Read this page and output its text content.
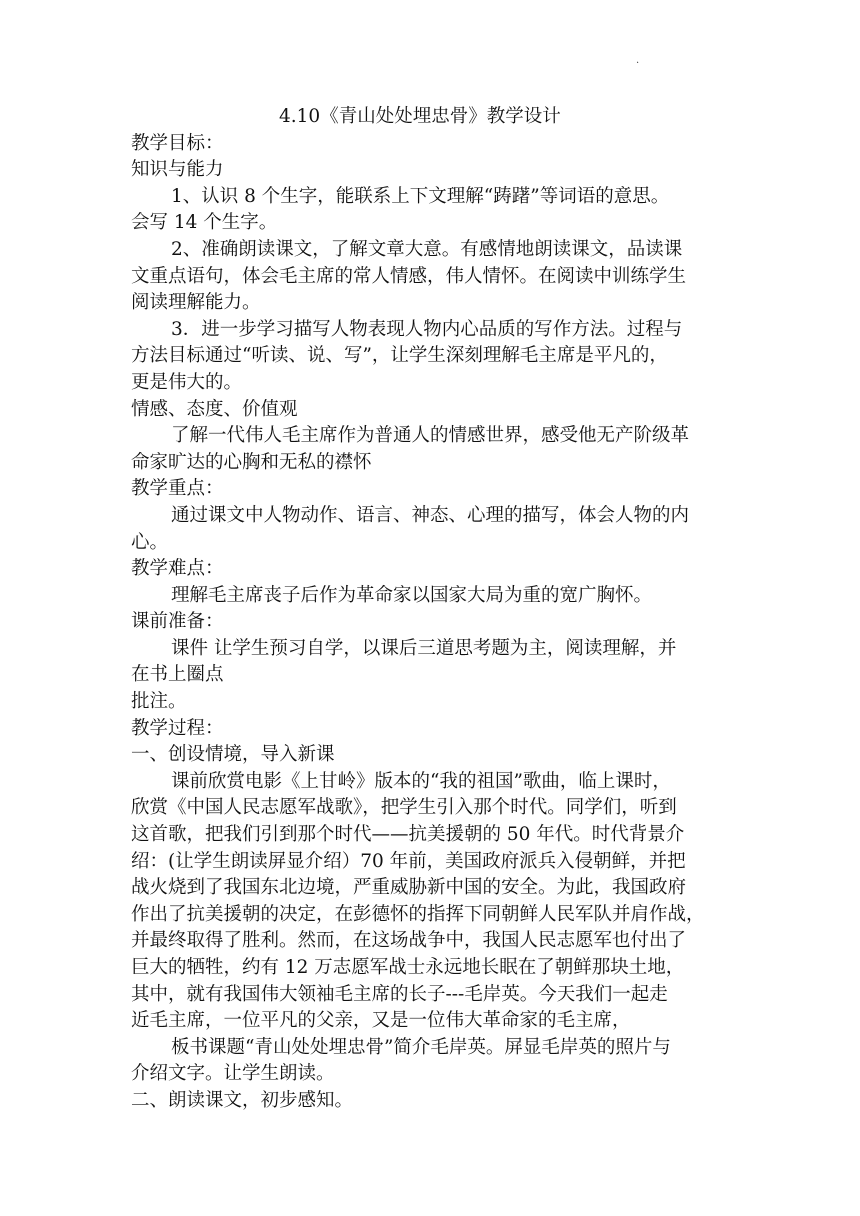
.
4.10《青山处处埋忠骨》教学设计
教学目标：
知识与能力
1、认识 8 个生字，能联系上下文理解“踌躇”等词语的意思。
会写 14 个生字。
2、准确朗读课文，了解文章大意。有感情地朗读课文，品读课
文重点语句，体会毛主席的常人情感，伟人情怀。在阅读中训练学生
阅读理解能力。
3．进一步学习描写人物表现人物内心品质的写作方法。过程与
方法目标通过“听读、说、写”，让学生深刻理解毛主席是平凡的，
更是伟大的。
情感、态度、价值观
了解一代伟人毛主席作为普通人的情感世界，感受他无产阶级革
命家旷达的心胸和无私的襟怀
教学重点：
通过课文中人物动作、语言、神态、心理的描写，体会人物的内
心。
教学难点：
理解毛主席丧子后作为革命家以国家大局为重的宽广胸怀。
课前准备：
课件 让学生预习自学，以课后三道思考题为主，阅读理解，并
在书上圈点
批注。
教学过程：
一、创设情境，导入新课
课前欣赏电影《上甘岭》版本的“我的祖国”歌曲，临上课时，
欣赏《中国人民志愿军战歌》，把学生引入那个时代。同学们，听到
这首歌，把我们引到那个时代——抗美援朝的 50 年代。时代背景介
绍：(让学生朗读屏显介绍）70 年前，美国政府派兵入侵朝鲜，并把
战火烧到了我国东北边境，严重威胁新中国的安全。为此，我国政府
作出了抗美援朝的决定，在彭德怀的指挥下同朝鲜人民军队并肩作战，
并最终取得了胜利。然而，在这场战争中，我国人民志愿军也付出了
巨大的牺牲，约有 12 万志愿军战士永远地长眠在了朝鲜那块土地，
其中，就有我国伟大领袖毛主席的长子---毛岸英。今天我们一起走
近毛主席，一位平凡的父亲，又是一位伟大革命家的毛主席，
板书课题“青山处处埋忠骨”简介毛岸英。屏显毛岸英的照片与
介绍文字。让学生朗读。
二、朗读课文，初步感知。
